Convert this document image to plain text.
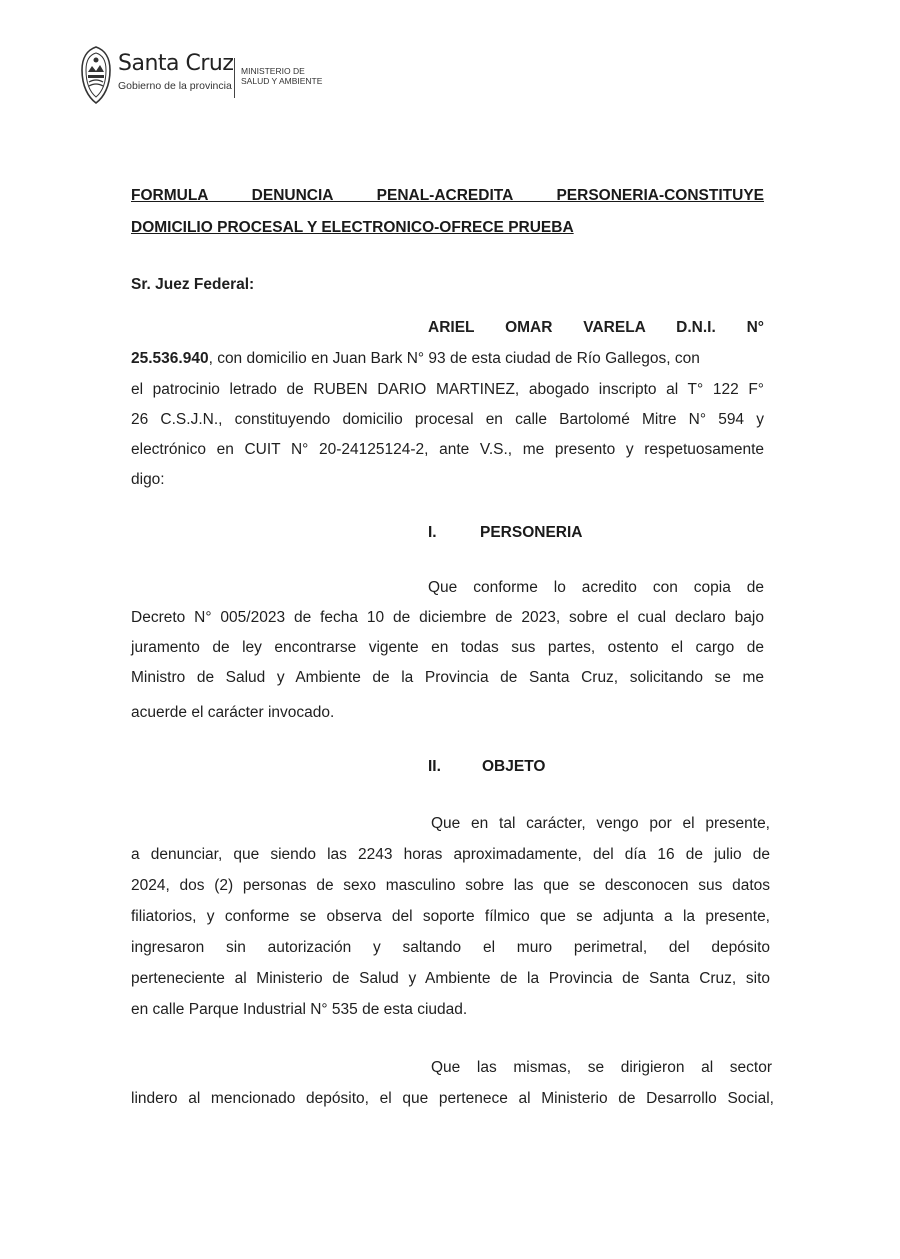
Santa Cruz
Gobierno de la provincia
MINISTERIO DE
SALUD Y AMBIENTE
FORMULA DENUNCIA PENAL-ACREDITA PERSONERIA-CONSTITUYE
DOMICILIO PROCESAL Y ELECTRONICO-OFRECE PRUEBA
Sr. Juez Federal:
ARIEL OMAR VARELA D.N.I. N°
25.536.940, con domicilio en Juan Bark N° 93 de esta ciudad de Río Gallegos, con
el patrocinio letrado de RUBEN DARIO MARTINEZ, abogado inscripto al T° 122 F°
26 C.S.J.N., constituyendo domicilio procesal en calle Bartolomé Mitre N° 594 y
electrónico en CUIT N° 20-24125124-2, ante V.S., me presento y respetuosamente
digo:
I.	PERSONERIA
Que conforme lo acredito con copia de
Decreto N° 005/2023 de fecha 10 de diciembre de 2023, sobre el cual declaro bajo
juramento de ley encontrarse vigente en todas sus partes, ostento el cargo de
Ministro de Salud y Ambiente de la Provincia de Santa Cruz, solicitando se me
acuerde el carácter invocado.
II.	OBJETO
Que en tal carácter, vengo por el presente,
a denunciar, que siendo las 2243 horas aproximadamente, del día 16 de julio de
2024, dos (2) personas de sexo masculino sobre las que se desconocen sus datos
filiatorios, y conforme se observa del soporte fílmico que se adjunta a la presente,
ingresaron sin autorización y saltando el muro perimetral, del depósito
perteneciente al Ministerio de Salud y Ambiente de la Provincia de Santa Cruz, sito
en calle Parque Industrial N° 535 de esta ciudad.
Que las mismas, se dirigieron al sector
lindero al mencionado depósito, el que pertenece al Ministerio de Desarrollo Social,
